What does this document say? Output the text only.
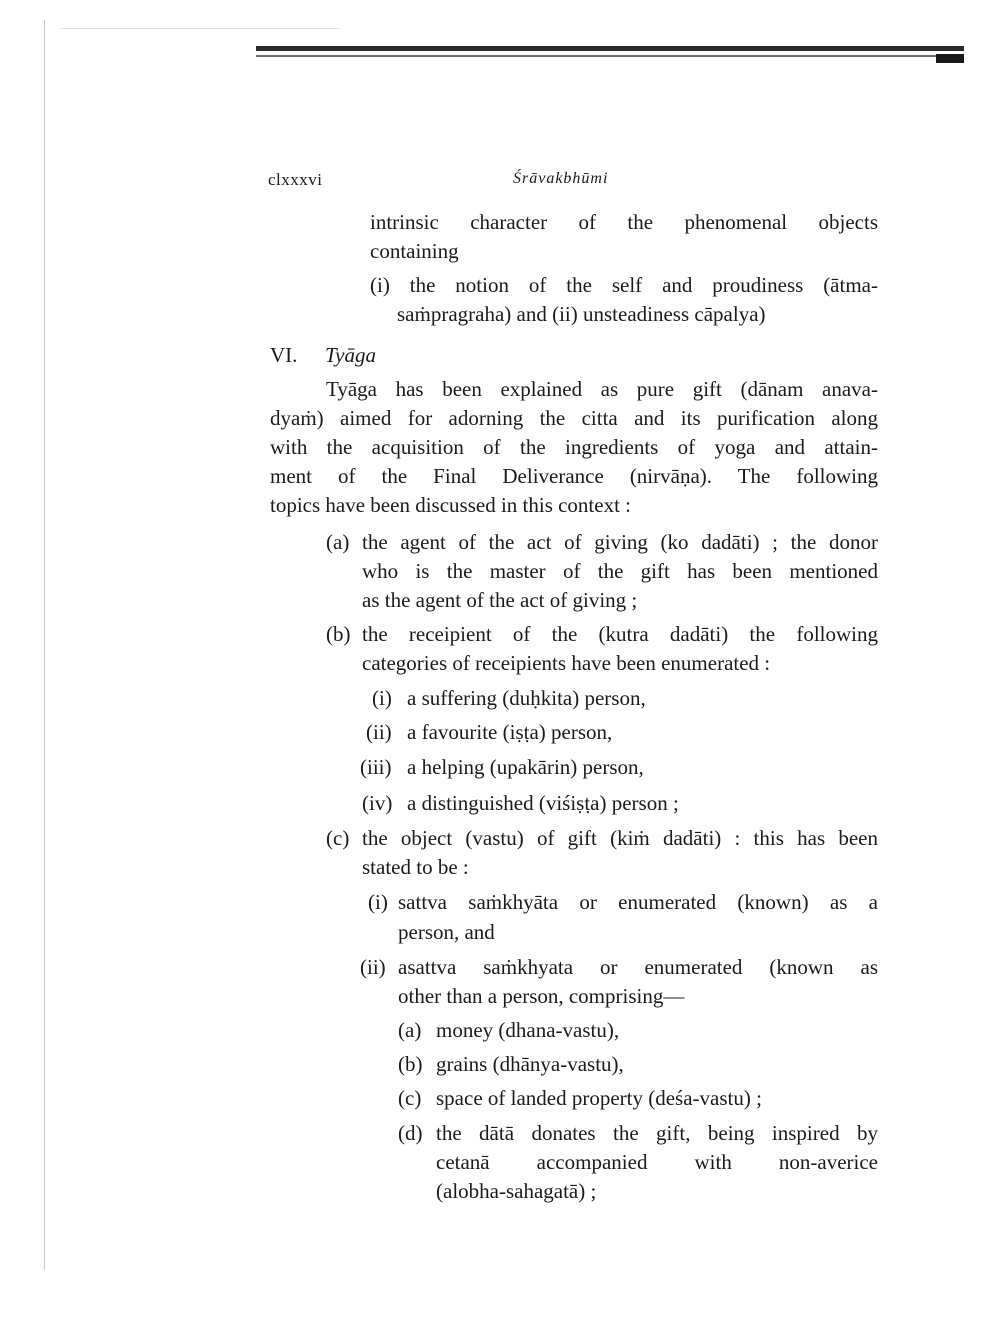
clxxxvi	Śrāvakbhūmi
intrinsic character of the phenomenal objects
containing
(i) the notion of the self and proudiness (ātma-
saṁpragraha) and (ii) unsteadiness cāpalya)
VI. Tyāga
Tyāga has been explained as pure gift (dānam anava-
dyaṁ) aimed for adorning the citta and its purification along
with the acquisition of the ingredients of yoga and attain-
ment of the Final Deliverance (nirvāṇa). The following
topics have been discussed in this context :
(a) the agent of the act of giving (ko dadāti) ; the donor
who is the master of the gift has been mentioned
as the agent of the act of giving ;
(b) the receipient of the (kutra dadāti) the following
categories of receipients have been enumerated :
(i) a suffering (duḥkita) person,
(ii) a favourite (iṣṭa) person,
(iii) a helping (upakārin) person,
(iv) a distinguished (viśiṣṭa) person ;
(c) the object (vastu) of gift (kiṁ dadāti) : this has been
stated to be :
(i) sattva saṁkhyāta or enumerated (known) as a
person, and
(ii) asattva saṁkhyata or enumerated (known as
other than a person, comprising—
(a) money (dhana-vastu),
(b) grains (dhānya-vastu),
(c) space of landed property (deśa-vastu) ;
(d) the dātā donates the gift, being inspired by
cetanā accompanied with non-averice
(alobha-sahagatā) ;
